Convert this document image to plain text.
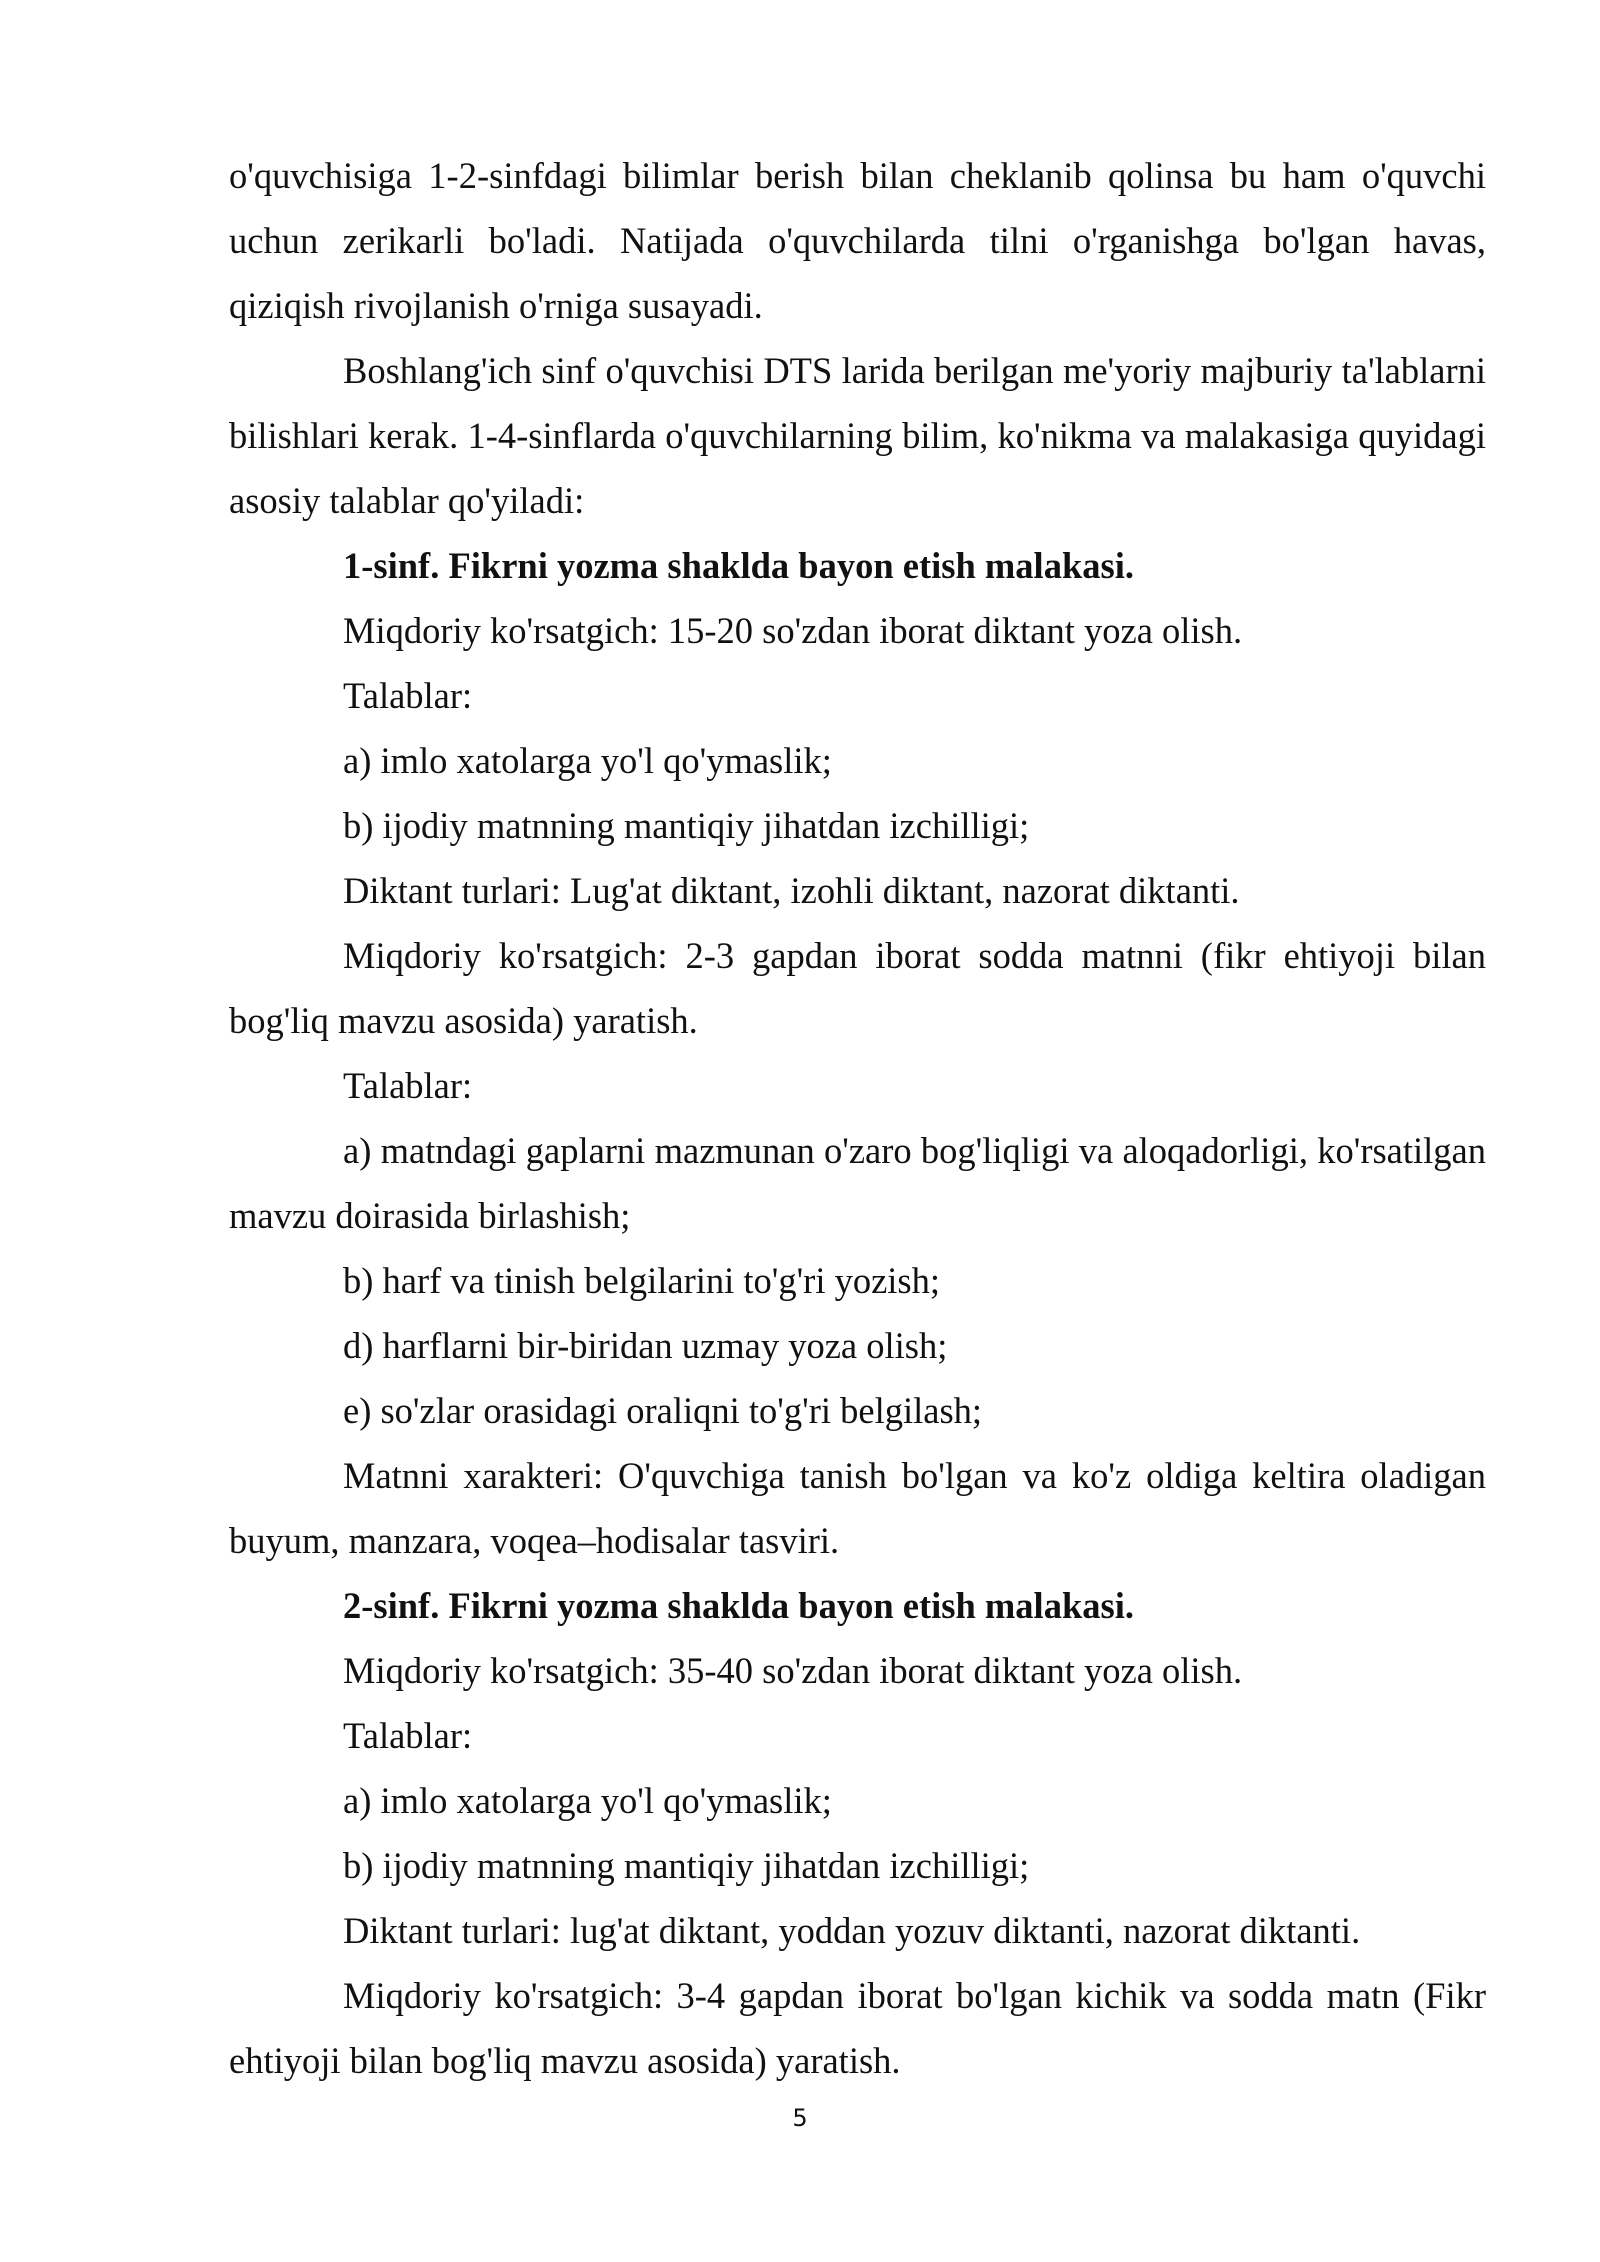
o'quvchisiga 1-2-sinfdagi bilimlar berish bilan cheklanib qolinsa bu ham o'quvchi uchun zerikarli bo'ladi. Natijada o'quvchilarda tilni o'rganishga bo'lgan havas, qiziqish rivojlanish o'rniga susayadi.

Boshlang'ich sinf o'quvchisi DTS larida berilgan me'yoriy majburiy ta'lablarni bilishlari kerak. 1-4-sinflarda o'quvchilarning bilim, ko'nikma va malakasiga quyidagi asosiy talablar qo'yiladi:

1-sinf. Fikrni yozma shaklda bayon etish malakasi.

Miqdoriy ko'rsatgich: 15-20 so'zdan iborat diktant yoza olish.

Talablar:

a) imlo xatolarga yo'l qo'ymaslik;

b) ijodiy matnning mantiqiy jihatdan izchilligi;

Diktant turlari: Lug'at diktant, izohli diktant, nazorat diktanti.

Miqdoriy ko'rsatgich: 2-3 gapdan iborat sodda matnni (fikr ehtiyoji bilan bog'liq mavzu asosida) yaratish.

Talablar:

a) matndagi gaplarni mazmunan o'zaro bog'liqligi va aloqadorligi, ko'rsatilgan mavzu doirasida birlashish;

b) harf va tinish belgilarini to'g'ri yozish;

d) harflarni bir-biridan uzmay yoza olish;

e) so'zlar orasidagi oraliqni to'g'ri belgilash;

Matnni xarakteri: O'quvchiga tanish bo'lgan va ko'z oldiga keltira oladigan buyum, manzara, voqea–hodisalar tasviri.

2-sinf. Fikrni yozma shaklda bayon etish malakasi.

Miqdoriy ko'rsatgich: 35-40 so'zdan iborat diktant yoza olish.

Talablar:

a) imlo xatolarga yo'l qo'ymaslik;

b) ijodiy matnning mantiqiy jihatdan izchilligi;

Diktant turlari: lug'at diktant, yoddan yozuv diktanti, nazorat diktanti.

Miqdoriy ko'rsatgich: 3-4 gapdan iborat bo'lgan kichik va sodda matn (Fikr ehtiyoji bilan bog'liq mavzu asosida) yaratish.

5
